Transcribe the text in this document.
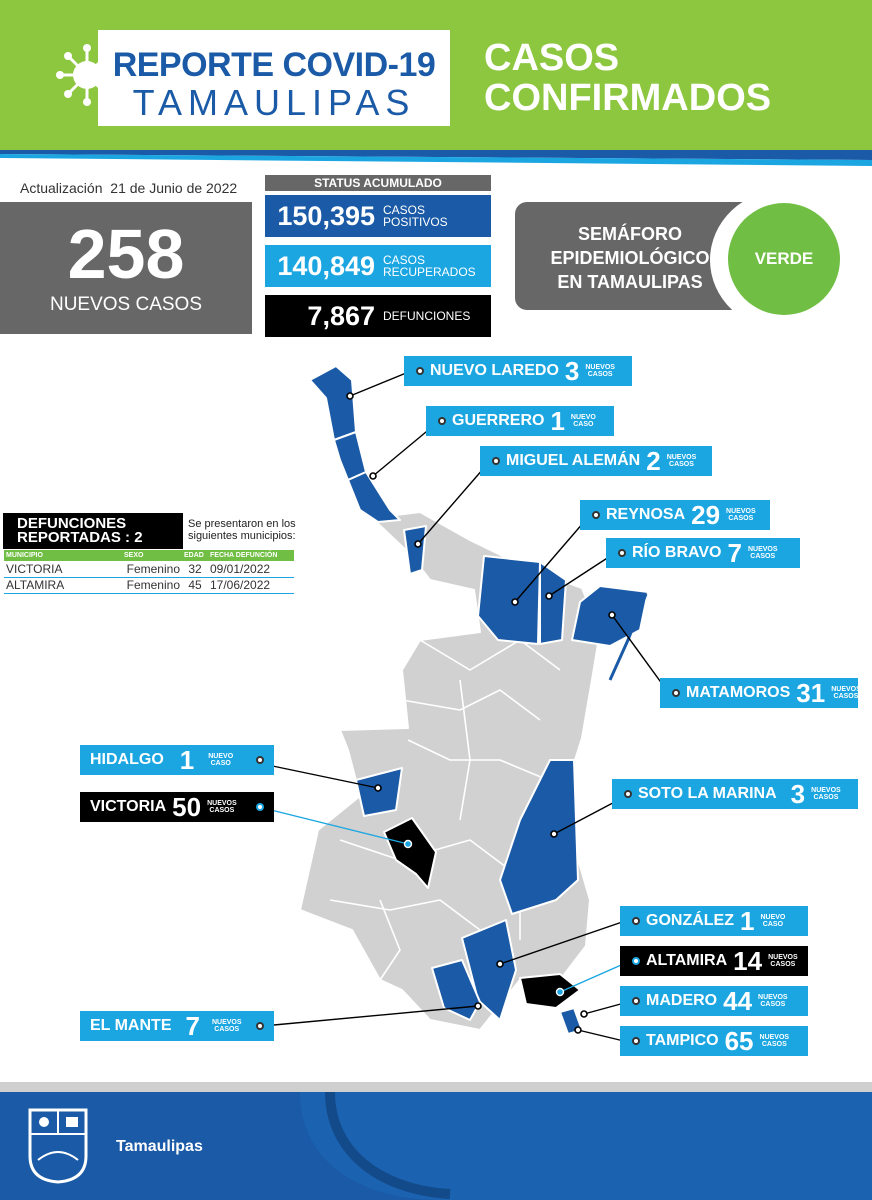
REPORTE COVID-19
TAMAULIPAS
CASOS
CONFIRMADOS
Actualización 21 de Junio de 2022
258
NUEVOS CASOS
STATUS ACUMULADO
150,395 CASOS
POSITIVOS
140,849 CASOS
RECUPERADOS
7,867 DEFUNCIONES
SEMÁFORO
EPIDEMIOLÓGICO
EN TAMAULIPAS
VERDE
NUEVO LAREDO 3 NUEVOS
CASOS
GUERRERO 1 NUEVO
CASO
MIGUEL ALEMÁN 2 NUEVOS
CASOS
REYNOSA 29 NUEVOS
CASOS
RÍO BRAVO 7 NUEVOS
CASOS
MATAMOROS 31 NUEVOS
CASOS
HIDALGO 1 NUEVO
CASO
VICTORIA 50 NUEVOS
CASOS
SOTO LA MARINA 3 NUEVOS
CASOS
GONZÁLEZ 1 NUEVO
CASO
ALTAMIRA 14 NUEVOS
CASOS
MADERO 44 NUEVOS
CASOS
EL MANTE 7 NUEVOS
CASOS
TAMPICO 65 NUEVOS
CASOS
DEFUNCIONES
REPORTADAS : 2
Se presentaron en los siguientes municipios:
MUNICIPIO	SEXO	EDAD	FECHA DEFUNCIÓN
VICTORIA	Femenino	32	09/01/2022
ALTAMIRA	Femenino	45	17/06/2022
Tamaulipas
